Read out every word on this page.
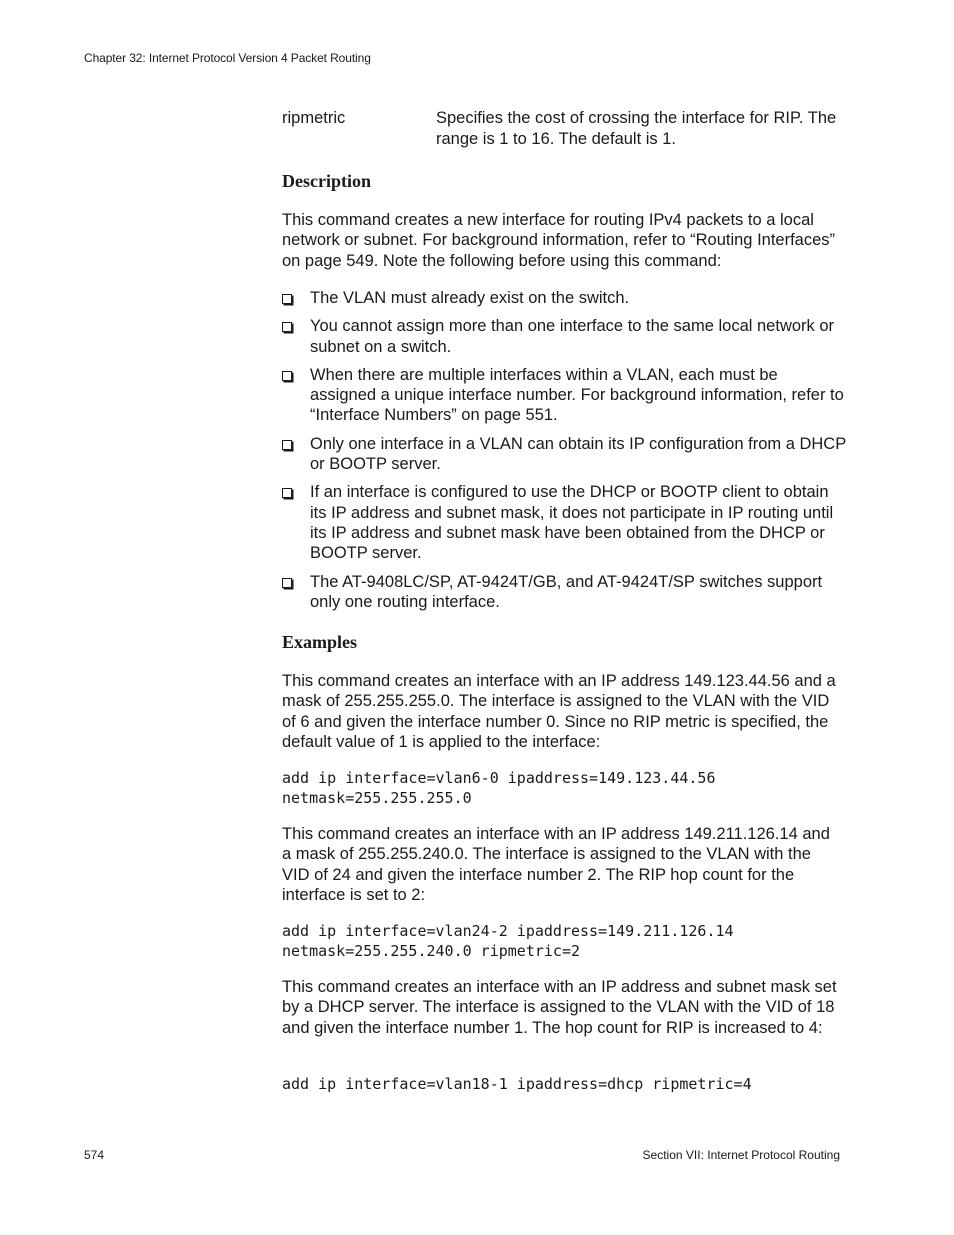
Chapter 32: Internet Protocol Version 4 Packet Routing
ripmetric	Specifies the cost of crossing the interface for RIP. The range is 1 to 16. The default is 1.
Description
This command creates a new interface for routing IPv4 packets to a local network or subnet. For background information, refer to “Routing Interfaces” on page 549. Note the following before using this command:
The VLAN must already exist on the switch.
You cannot assign more than one interface to the same local network or subnet on a switch.
When there are multiple interfaces within a VLAN, each must be assigned a unique interface number. For background information, refer to “Interface Numbers” on page 551.
Only one interface in a VLAN can obtain its IP configuration from a DHCP or BOOTP server.
If an interface is configured to use the DHCP or BOOTP client to obtain its IP address and subnet mask, it does not participate in IP routing until its IP address and subnet mask have been obtained from the DHCP or BOOTP server.
The AT-9408LC/SP, AT-9424T/GB, and AT-9424T/SP switches support only one routing interface.
Examples
This command creates an interface with an IP address 149.123.44.56 and a mask of 255.255.255.0. The interface is assigned to the VLAN with the VID of 6 and given the interface number 0. Since no RIP metric is specified, the default value of 1 is applied to the interface:
add ip interface=vlan6-0 ipaddress=149.123.44.56
netmask=255.255.255.0
This command creates an interface with an IP address 149.211.126.14 and a mask of 255.255.240.0. The interface is assigned to the VLAN with the VID of 24 and given the interface number 2. The RIP hop count for the interface is set to 2:
add ip interface=vlan24-2 ipaddress=149.211.126.14
netmask=255.255.240.0 ripmetric=2
This command creates an interface with an IP address and subnet mask set by a DHCP server. The interface is assigned to the VLAN with the VID of 18 and given the interface number 1. The hop count for RIP is increased to 4:
add ip interface=vlan18-1 ipaddress=dhcp ripmetric=4
574	Section VII: Internet Protocol Routing
